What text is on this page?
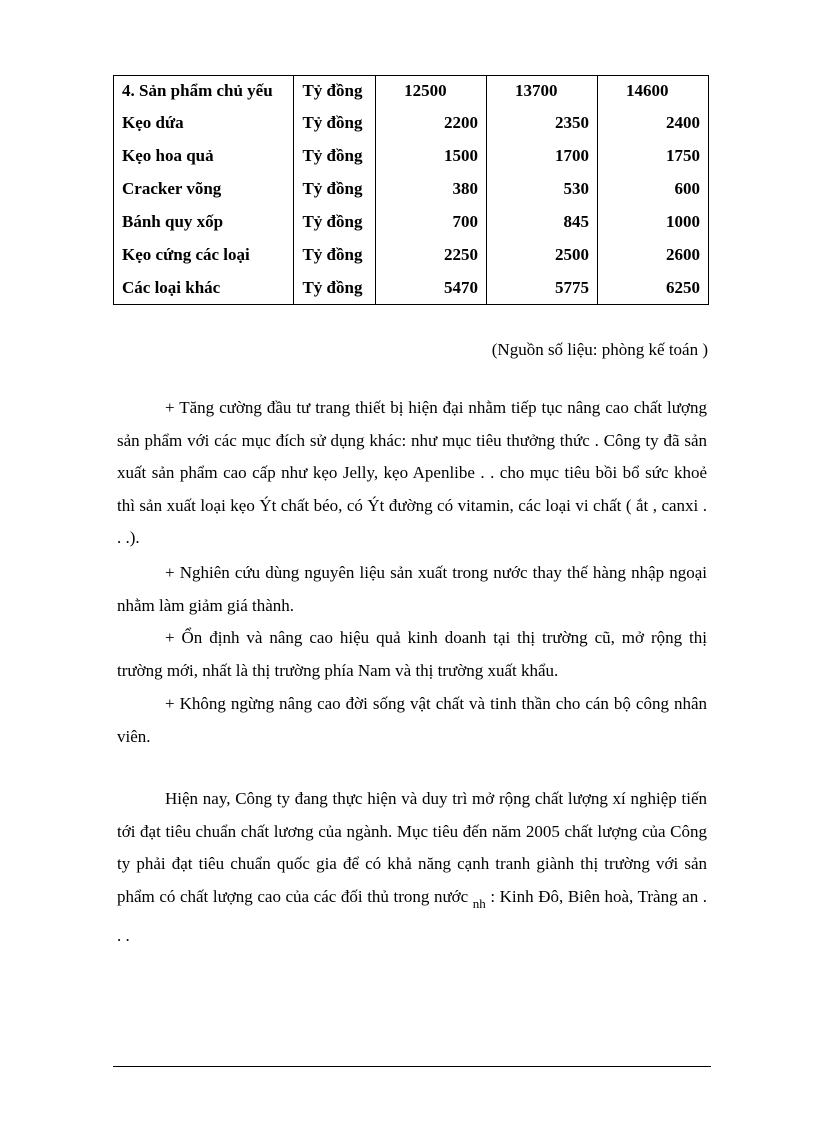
4. Sản phẩm chủ yếu	Tỷ đồng	12500	13700	14600
Kẹo dứa	Tỷ đồng	2200	2350	2400
Kẹo hoa quả	Tỷ đồng	1500	1700	1750
Cracker võng	Tỷ đồng	380	530	600
Bánh quy xốp	Tỷ đồng	700	845	1000
Kẹo cứng các loại	Tỷ đồng	2250	2500	2600
Các loại khác	Tỷ đồng	5470	5775	6250
(Nguồn số liệu: phòng kế toán )

+ Tăng cường đầu tư trang thiết bị hiện đại nhằm tiếp tục nâng cao chất lượng sản phẩm với các mục đích sử dụng khác: như mục tiêu thưởng thức . Công ty đã sản xuất sản phẩm cao cấp như kẹo Jelly, kẹo Apenlibe . . cho mục tiêu bồi bổ sức khoẻ thì sản xuất loại kẹo Ýt chất béo, có Ýt đường có vitamin, các loại vi chất ( ắt , canxi . . .).

+ Nghiên cứu dùng nguyên liệu sản xuất trong nước thay thế hàng nhập ngoại nhằm làm giảm giá thành.

+ Ổn định và nâng cao hiệu quả kinh doanh tại thị trường cũ, mở rộng thị trường mới, nhất là thị trường phía Nam và thị trường xuất khẩu.

+ Không ngừng nâng cao đời sống vật chất và tinh thần cho cán bộ công nhân viên.

Hiện nay, Công ty đang thực hiện và duy trì mở rộng chất lượng xí nghiệp tiến tới đạt tiêu chuẩn chất lương của ngành. Mục tiêu đến năm 2005 chất lượng của Công ty phải đạt tiêu chuẩn quốc gia để có khả năng cạnh tranh giành thị trường với sản phẩm có chất lượng cao của các đối thủ trong nước $_{nh}$ : Kinh Đô, Biên hoà, Tràng an . . .
